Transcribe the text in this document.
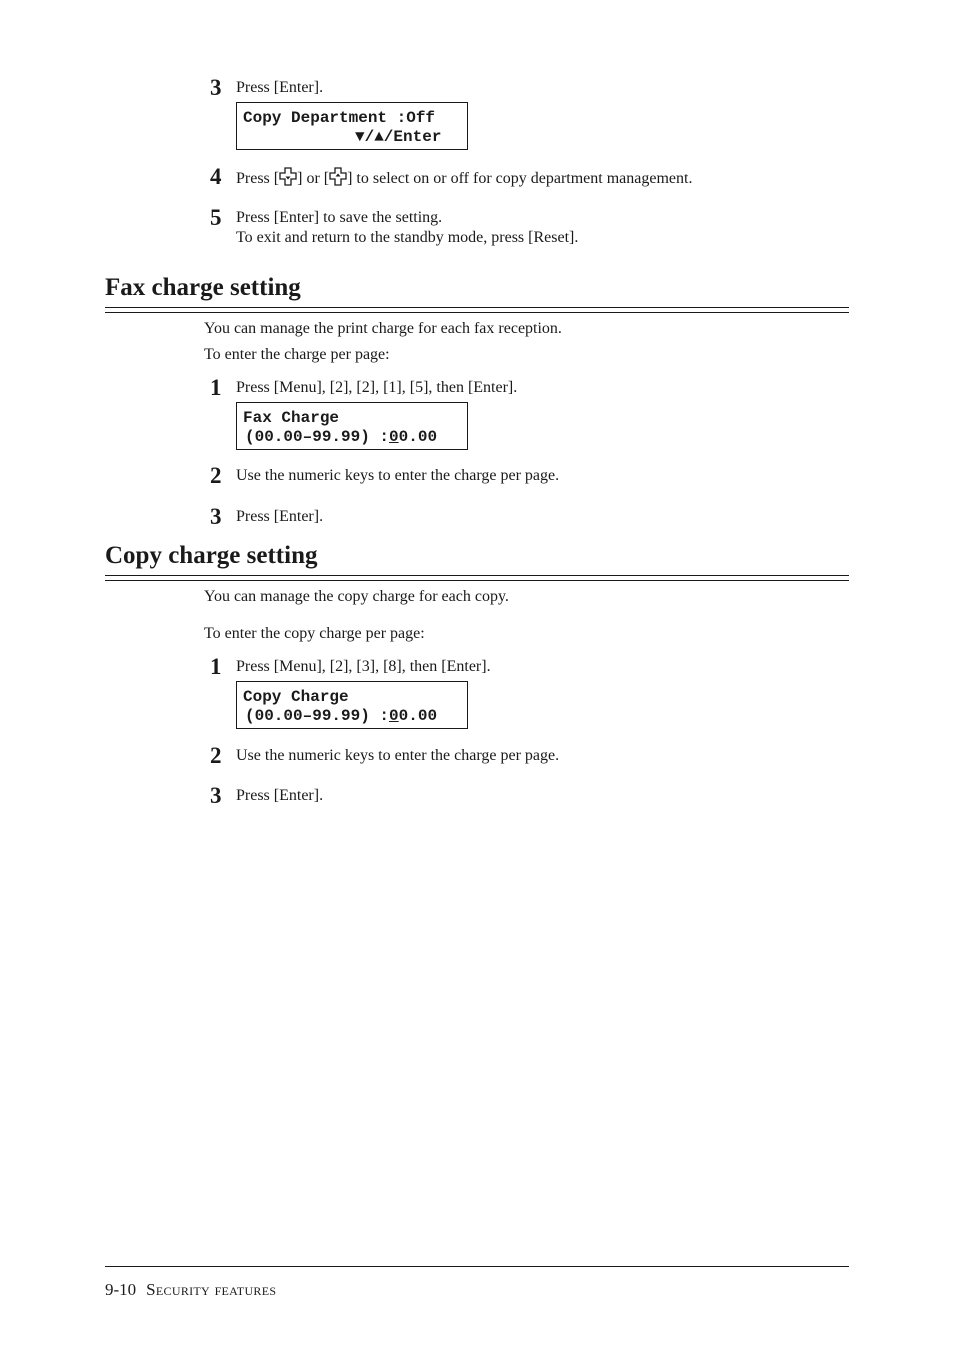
3 Press [Enter].
Copy Department :Off
▼/▲/Enter
4 Press [ ] or [ ] to select on or off for copy department management.
5 Press [Enter] to save the setting.
To exit and return to the standby mode, press [Reset].
Fax charge setting
You can manage the print charge for each fax reception.
To enter the charge per page:
1 Press [Menu], [2], [2], [1], [5], then [Enter].
Fax Charge
(00.00–99.99) :00.00
2 Use the numeric keys to enter the charge per page.
3 Press [Enter].
Copy charge setting
You can manage the copy charge for each copy.
To enter the copy charge per page:
1 Press [Menu], [2], [3], [8], then [Enter].
Copy Charge
(00.00–99.99) :00.00
2 Use the numeric keys to enter the charge per page.
3 Press [Enter].
9-10 Security features
